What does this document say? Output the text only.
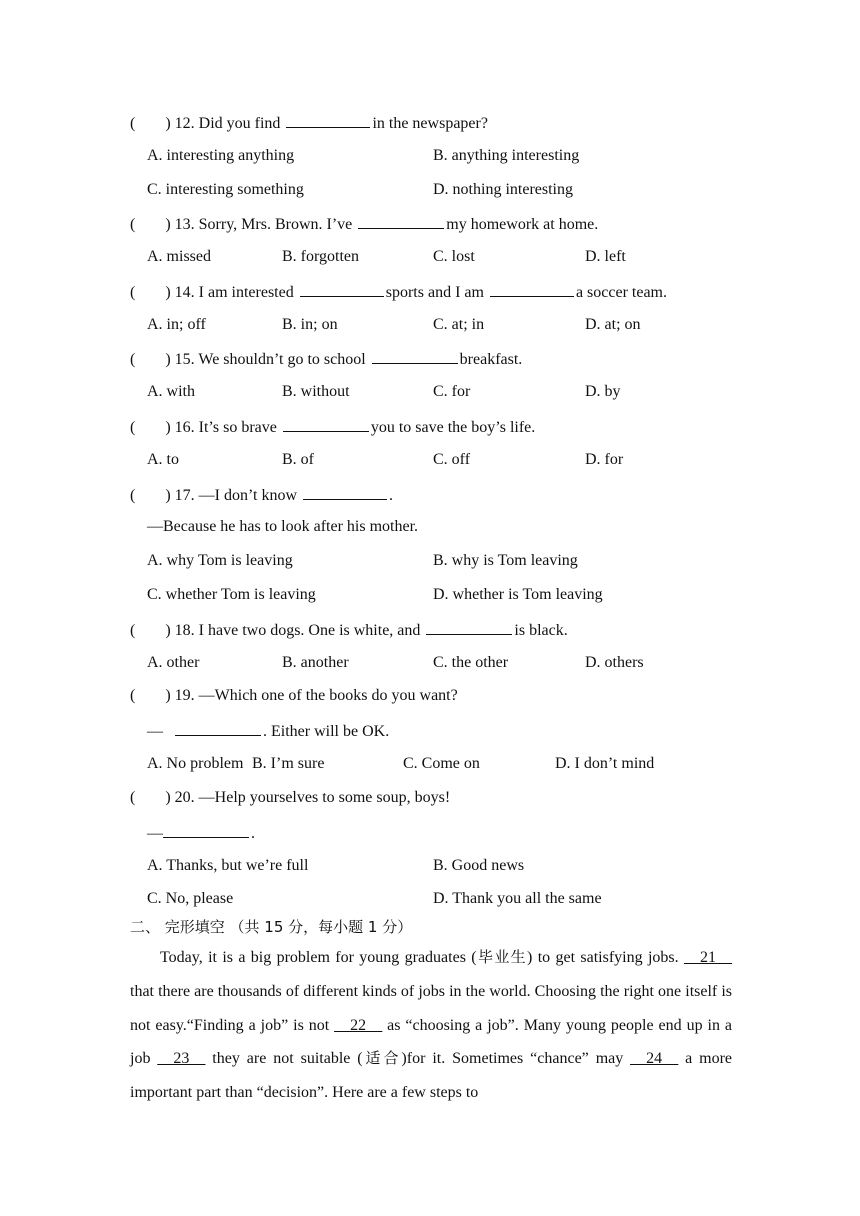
( ) 12. Did you find	in the newspaper?
A. interesting anything	B. anything interesting
C. interesting something	D. nothing interesting
( ) 13. Sorry, Mrs. Brown. I’ve	my homework at home.
A. missed	B. forgotten	C. lost	D. left
( ) 14. I am interested	sports and I am	a soccer team.
A. in; off	B. in; on	C. at; in	D. at; on
( ) 15. We shouldn’t go to school	breakfast.
A. with	B. without	C. for	D. by
( ) 16. It’s so brave	you to save the boy’s life.
A. to	B. of	C. off	D. for
( ) 17. —I don’t know	.
—Because he has to look after his mother.
A. why Tom is leaving	B. why is Tom leaving
C. whether Tom is leaving	D. whether is Tom leaving
( ) 18. I have two dogs. One is white, and	is black.
A. other	B. another	C. the other	D. others
( ) 19. —Which one of the books do you want?
—	. Either will be OK.
A. No problem B. I’m sure	C. Come on	D. I don’t mind
( ) 20. —Help yourselves to some soup, boys!
—	.
A. Thanks, but we’re full	B. Good news
C. No, please	D. Thank you all the same
二、 完形填空 （共 15 分，每小题 1 分）
Today, it is a big problem for young graduates (毕业生) to get satisfying jobs. __21__ that there are thousands of different kinds of jobs in the world. Choosing the right one itself is not easy.“Finding a job” is not __22__ as “choosing a job”. Many young people end up in a job __23__ they are not suitable (适合)for it. Sometimes “chance” may __24__ a more important part than “decision”. Here are a few steps to
